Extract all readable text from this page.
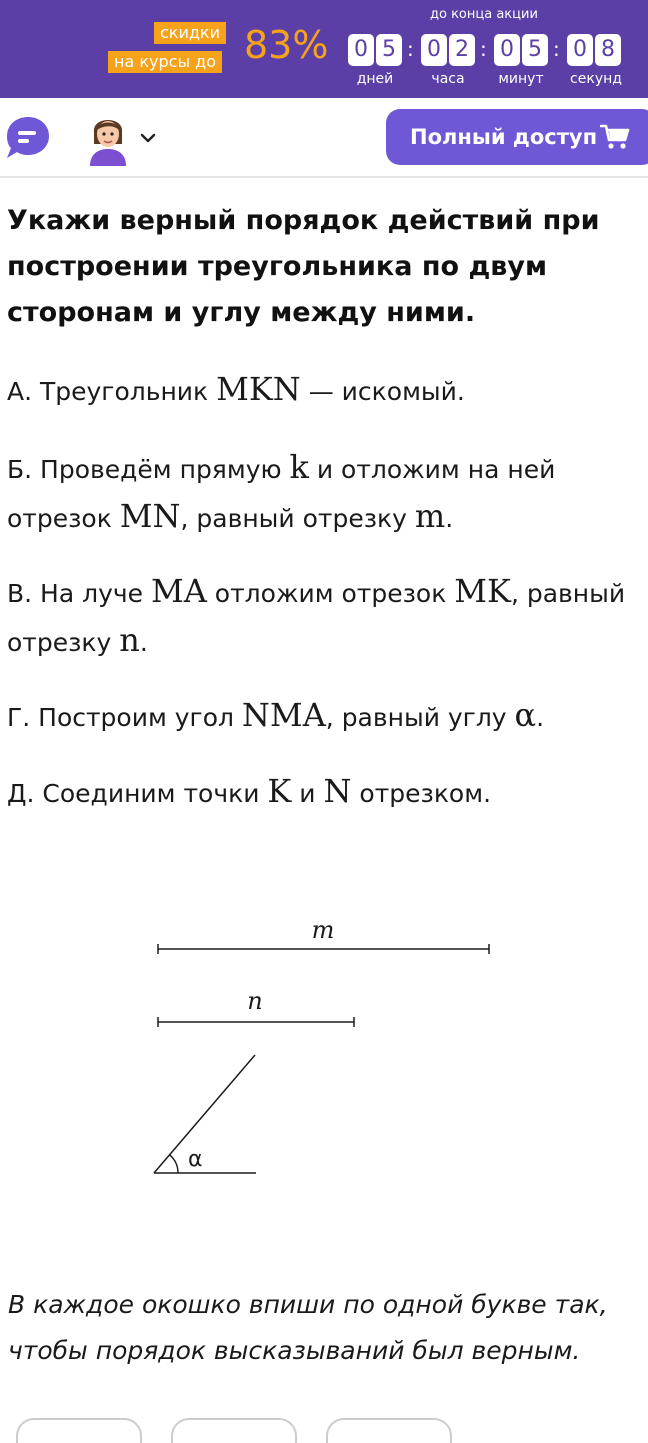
скидки
на курсы до 83%
до конца акции
0 5 : 0 2 : 0 5 : 0 8
дней	часа	минут	секунд
Полный доступ
Укажи верный порядок действий при построении треугольника по двум сторонам и углу между ними.
А. Треугольник MKN — искомый.
Б. Проведём прямую k и отложим на ней отрезок MN, равный отрезку m.
В. На луче MA отложим отрезок MK, равный отрезку n.
Г. Построим угол NMA, равный углу α.
Д. Соединим точки K и N отрезком.
m
n
α
В каждое окошко впиши по одной букве так, чтобы порядок высказываний был верным.
